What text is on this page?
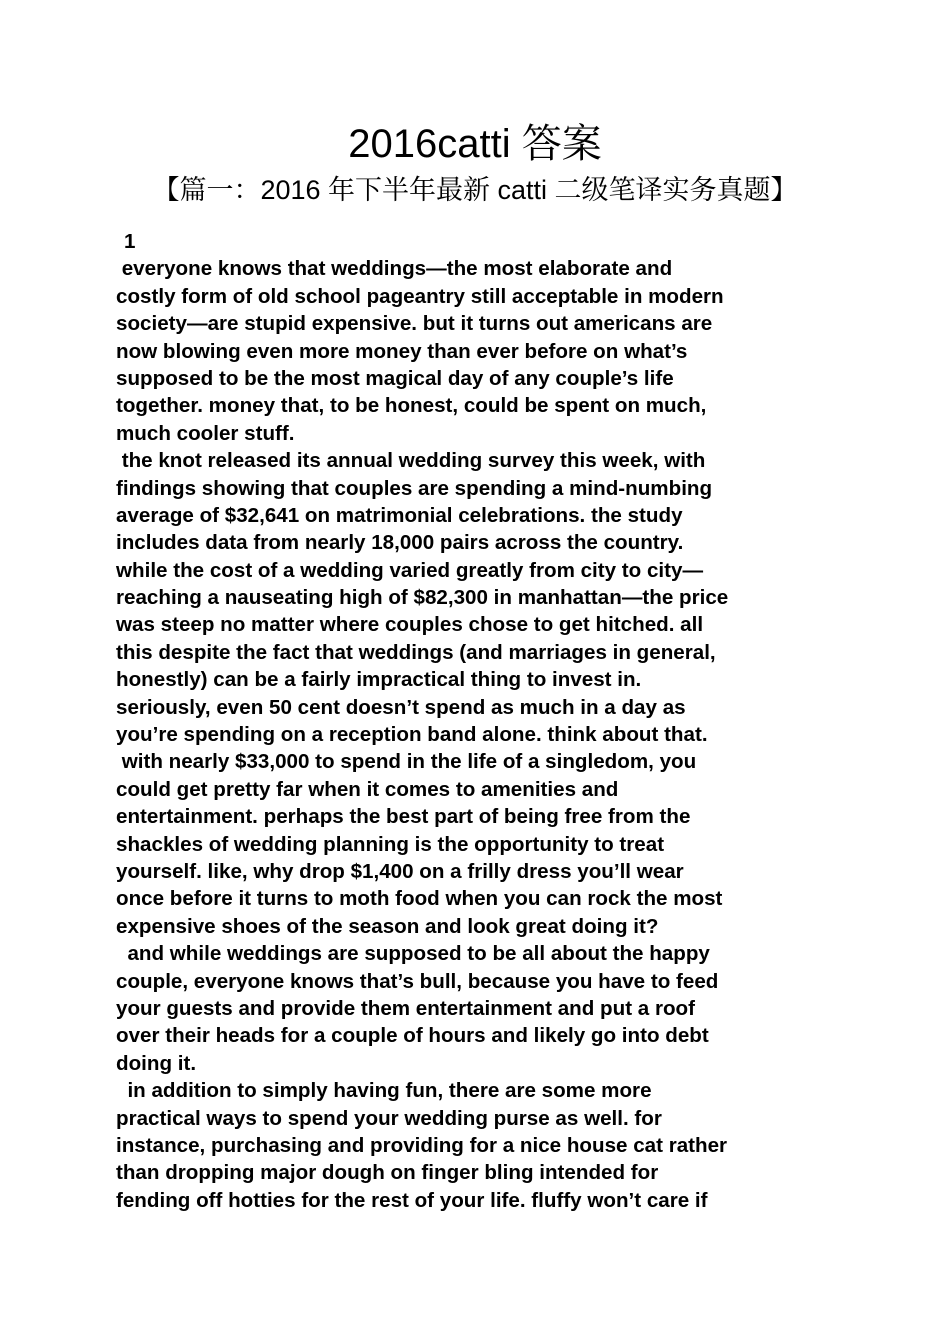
2016catti 答案
【篇一：2016 年下半年最新 catti 二级笔译实务真题】
1
everyone knows that weddings—the most elaborate and
costly form of old school pageantry still acceptable in modern
society—are stupid expensive. but it turns out americans are
now blowing even more money than ever before on what’s
supposed to be the most magical day of any couple’s life
together. money that, to be honest, could be spent on much,
much cooler stuff.
the knot released its annual wedding survey this week, with
findings showing that couples are spending a mind-numbing
average of $32,641 on matrimonial celebrations. the study
includes data from nearly 18,000 pairs across the country.
while the cost of a wedding varied greatly from city to city—
reaching a nauseating high of $82,300 in manhattan—the price
was steep no matter where couples chose to get hitched. all
this despite the fact that weddings (and marriages in general,
honestly) can be a fairly impractical thing to invest in.
seriously, even 50 cent doesn’t spend as much in a day as
you’re spending on a reception band alone. think about that.
with nearly $33,000 to spend in the life of a singledom, you
could get pretty far when it comes to amenities and
entertainment. perhaps the best part of being free from the
shackles of wedding planning is the opportunity to treat
yourself. like, why drop $1,400 on a frilly dress you’ll wear
once before it turns to moth food when you can rock the most
expensive shoes of the season and look great doing it?
and while weddings are supposed to be all about the happy
couple, everyone knows that’s bull, because you have to feed
your guests and provide them entertainment and put a roof
over their heads for a couple of hours and likely go into debt
doing it.
in addition to simply having fun, there are some more
practical ways to spend your wedding purse as well. for
instance, purchasing and providing for a nice house cat rather
than dropping major dough on finger bling intended for
fending off hotties for the rest of your life. fluffy won’t care if
